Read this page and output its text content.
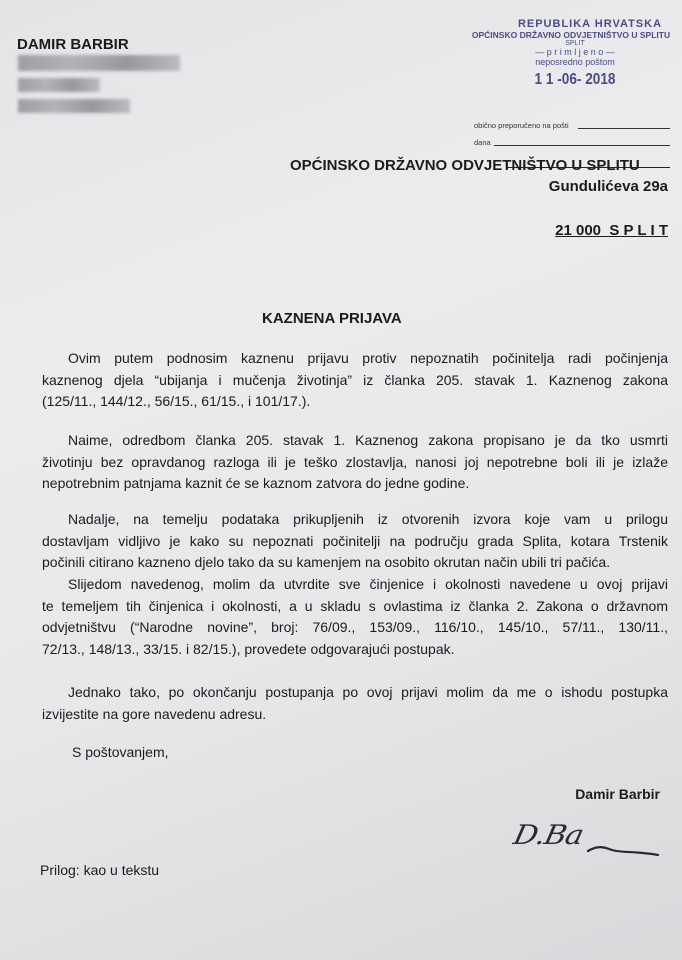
DAMIR BARBIR
REPUBLIKA HRVATSKA
OPĆINSKO DRŽAVNO ODVJETNIŠTVO U SPLITU
SPLIT
— p r i m l j e n o —
neposredno poštom
1 1 -06- 2018
obično preporučeno na pošti
dana
OPĆINSKO DRŽAVNO ODVJETNIŠTVO U SPLITU
Gundulićeva 29a
21 000  S P L I T
KAZNENA PRIJAVA
Ovim putem podnosim kaznenu prijavu protiv nepoznatih počinitelja radi počinjenja
kaznenog djela “ubijanja i mučenja životinja” iz članka 205. stavak 1. Kaznenog zakona
(125/11., 144/12., 56/15., 61/15., i 101/17.).
Naime, odredbom članka 205. stavak 1. Kaznenog zakona propisano je da tko usmrti
životinju bez opravdanog razloga ili je teško zlostavlja, nanosi joj nepotrebne boli ili je izlaže
nepotrebnim patnjama kaznit će se kaznom zatvora do jedne godine.
Nadalje, na temelju podataka prikupljenih iz otvorenih izvora koje vam u prilogu
dostavljam vidljivo je kako su nepoznati počinitelji na području grada Splita, kotara Trstenik
počinili citirano kazneno djelo tako da su kamenjem na osobito okrutan način ubili tri pačića.
Slijedom navedenog, molim da utvrdite sve činjenice i okolnosti navedene u ovoj prijavi
te temeljem tih činjenica i okolnosti, a u skladu s ovlastima iz članka 2. Zakona o državnom
odvjetništvu (“Narodne novine”, broj: 76/09., 153/09., 116/10., 145/10., 57/11., 130/11.,
72/13., 148/13., 33/15. i 82/15.), provedete odgovarajući postupak.
Jednako tako, po okončanju postupanja po ovoj prijavi molim da me o ishodu postupka
izvijestite na gore navedenu adresu.
S poštovanjem,
Damir Barbir
D.Ba
Prilog: kao u tekstu
